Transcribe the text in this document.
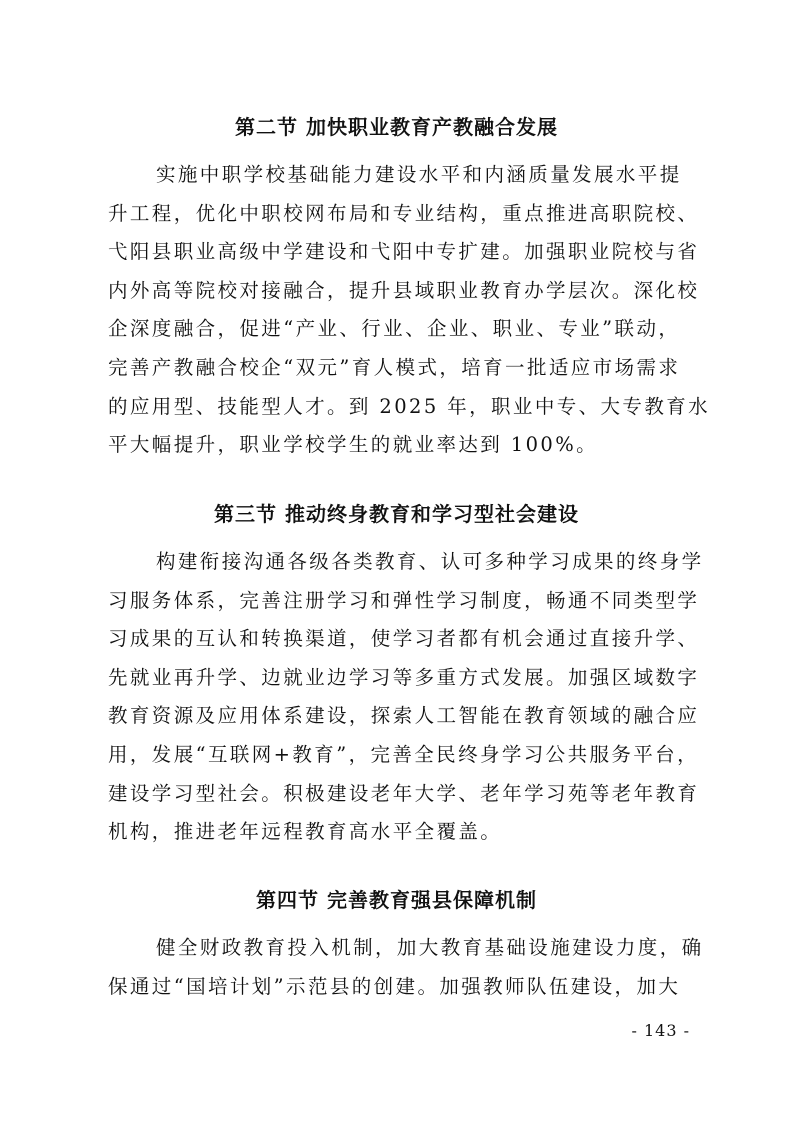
第二节 加快职业教育产教融合发展
实施中职学校基础能力建设水平和内涵质量发展水平提
升工程，优化中职校网布局和专业结构，重点推进高职院校、
弋阳县职业高级中学建设和弋阳中专扩建。加强职业院校与省
内外高等院校对接融合，提升县域职业教育办学层次。深化校
企深度融合，促进“产业、行业、企业、职业、专业”联动，
完善产教融合校企“双元”育人模式，培育一批适应市场需求
的应用型、技能型人才。到 2025 年，职业中专、大专教育水
平大幅提升，职业学校学生的就业率达到 100%。
第三节 推动终身教育和学习型社会建设
构建衔接沟通各级各类教育、认可多种学习成果的终身学
习服务体系，完善注册学习和弹性学习制度，畅通不同类型学
习成果的互认和转换渠道，使学习者都有机会通过直接升学、
先就业再升学、边就业边学习等多重方式发展。加强区域数字
教育资源及应用体系建设，探索人工智能在教育领域的融合应
用，发展“互联网+教育”，完善全民终身学习公共服务平台，
建设学习型社会。积极建设老年大学、老年学习苑等老年教育
机构，推进老年远程教育高水平全覆盖。
第四节 完善教育强县保障机制
健全财政教育投入机制，加大教育基础设施建设力度，确
保通过“国培计划”示范县的创建。加强教师队伍建设，加大
- 143 -
